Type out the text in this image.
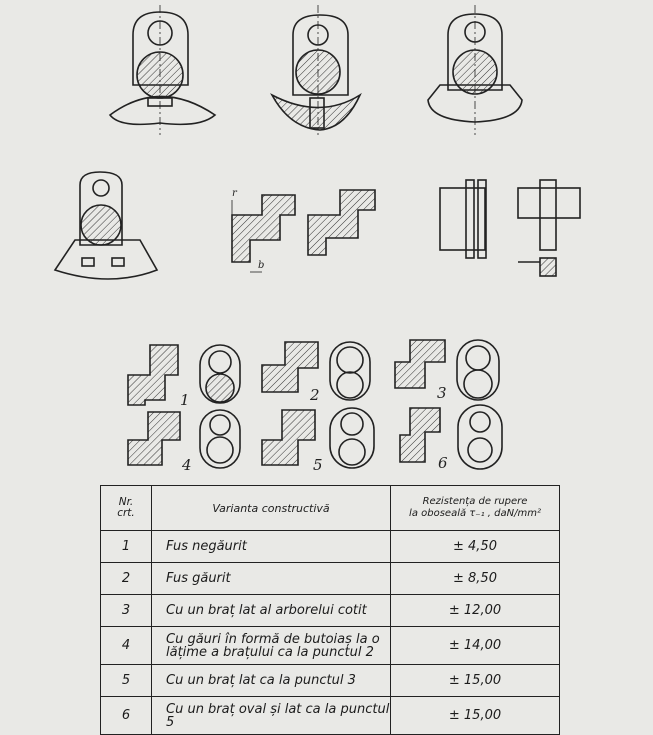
r
b
1	2	3
4	5	6
Nr.
crt.	Varianta constructivă	Rezistența de rupere
la oboseală τ₋₁ , daN/mm²

1	Fus negăurit	± 4,50
2	Fus găurit	± 8,50
3	Cu un braț lat al arborelui cotit	± 12,00
4	Cu găuri în formă de butoiaș la o lățime a brațului ca la punctul 2	± 14,00
5	Cu un braț lat ca la punctul 3	± 15,00
6	Cu un braț oval și lat ca la punctul 5	± 15,00
